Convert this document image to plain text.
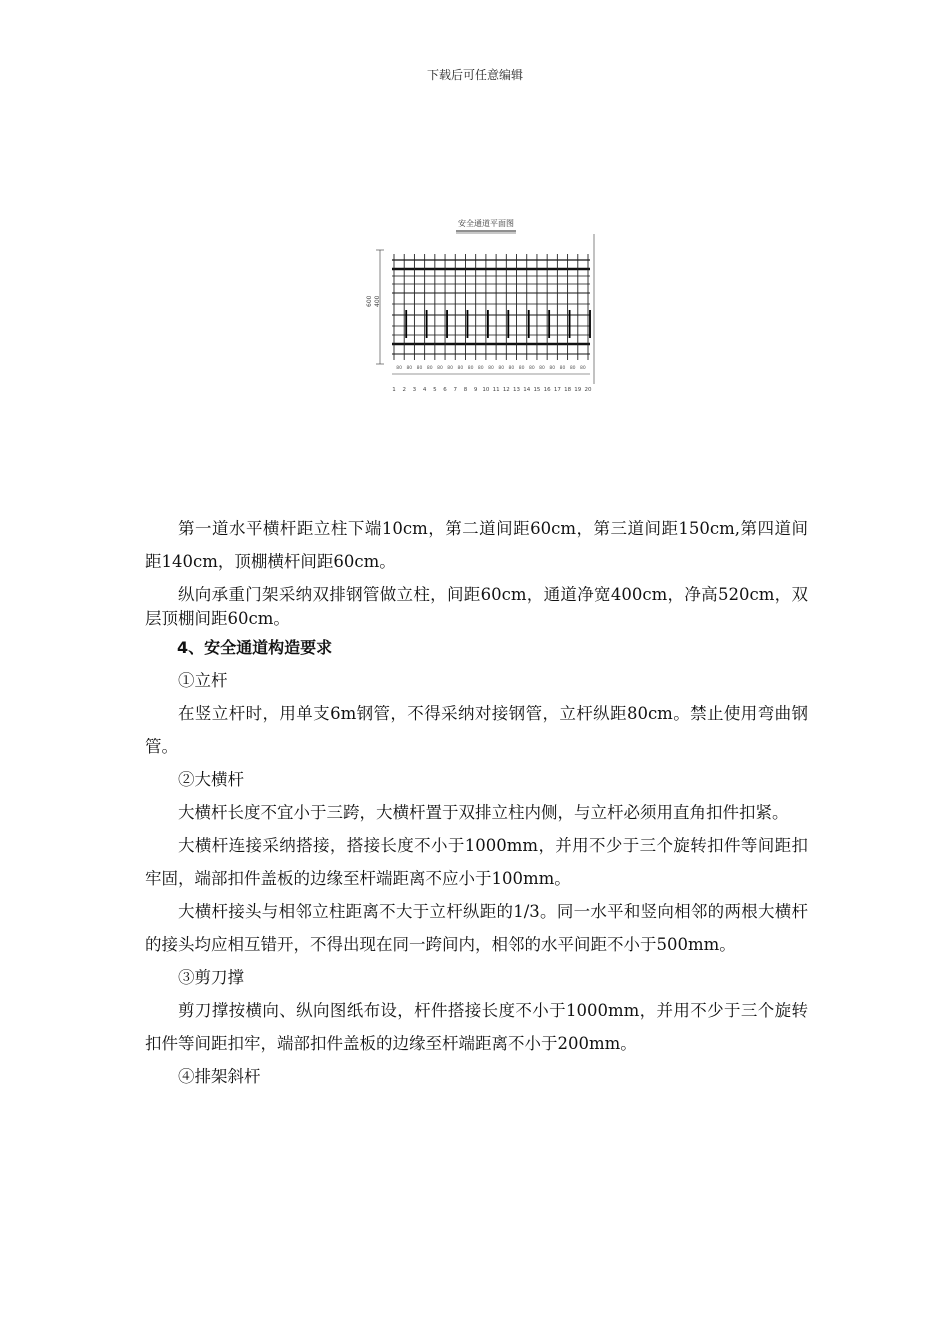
下载后可任意编辑
安全通道平面图
1
80
2
80
3
80
4
80
5
80
6
80
7
80
8
80
9
80
10
80
11
80
12
80
13
80
14
80
15
80
16
80
17
80
18
80
19
80
20
600 400

第一道水平横杆距立柱下端10cm，第二道间距60cm，第三道间距150cm,第四道间距140cm，顶棚横杆间距60cm。

纵向承重门架采纳双排钢管做立柱，间距60cm，通道净宽400cm，净高520cm，双层顶棚间距60cm。

4、安全通道构造要求

①立杆

在竖立杆时，用单支6m钢管，不得采纳对接钢管，立杆纵距80cm。禁止使用弯曲钢管。

②大横杆

大横杆长度不宜小于三跨，大横杆置于双排立柱内侧，与立杆必须用直角扣件扣紧。

大横杆连接采纳搭接，搭接长度不小于1000mm，并用不少于三个旋转扣件等间距扣牢固，端部扣件盖板的边缘至杆端距离不应小于100mm。

大横杆接头与相邻立柱距离不大于立杆纵距的1/3。同一水平和竖向相邻的两根大横杆的接头均应相互错开，不得出现在同一跨间内，相邻的水平间距不小于500mm。

③剪刀撑

剪刀撑按横向、纵向图纸布设，杆件搭接长度不小于1000mm，并用不少于三个旋转扣件等间距扣牢，端部扣件盖板的边缘至杆端距离不小于200mm。

④排架斜杆
